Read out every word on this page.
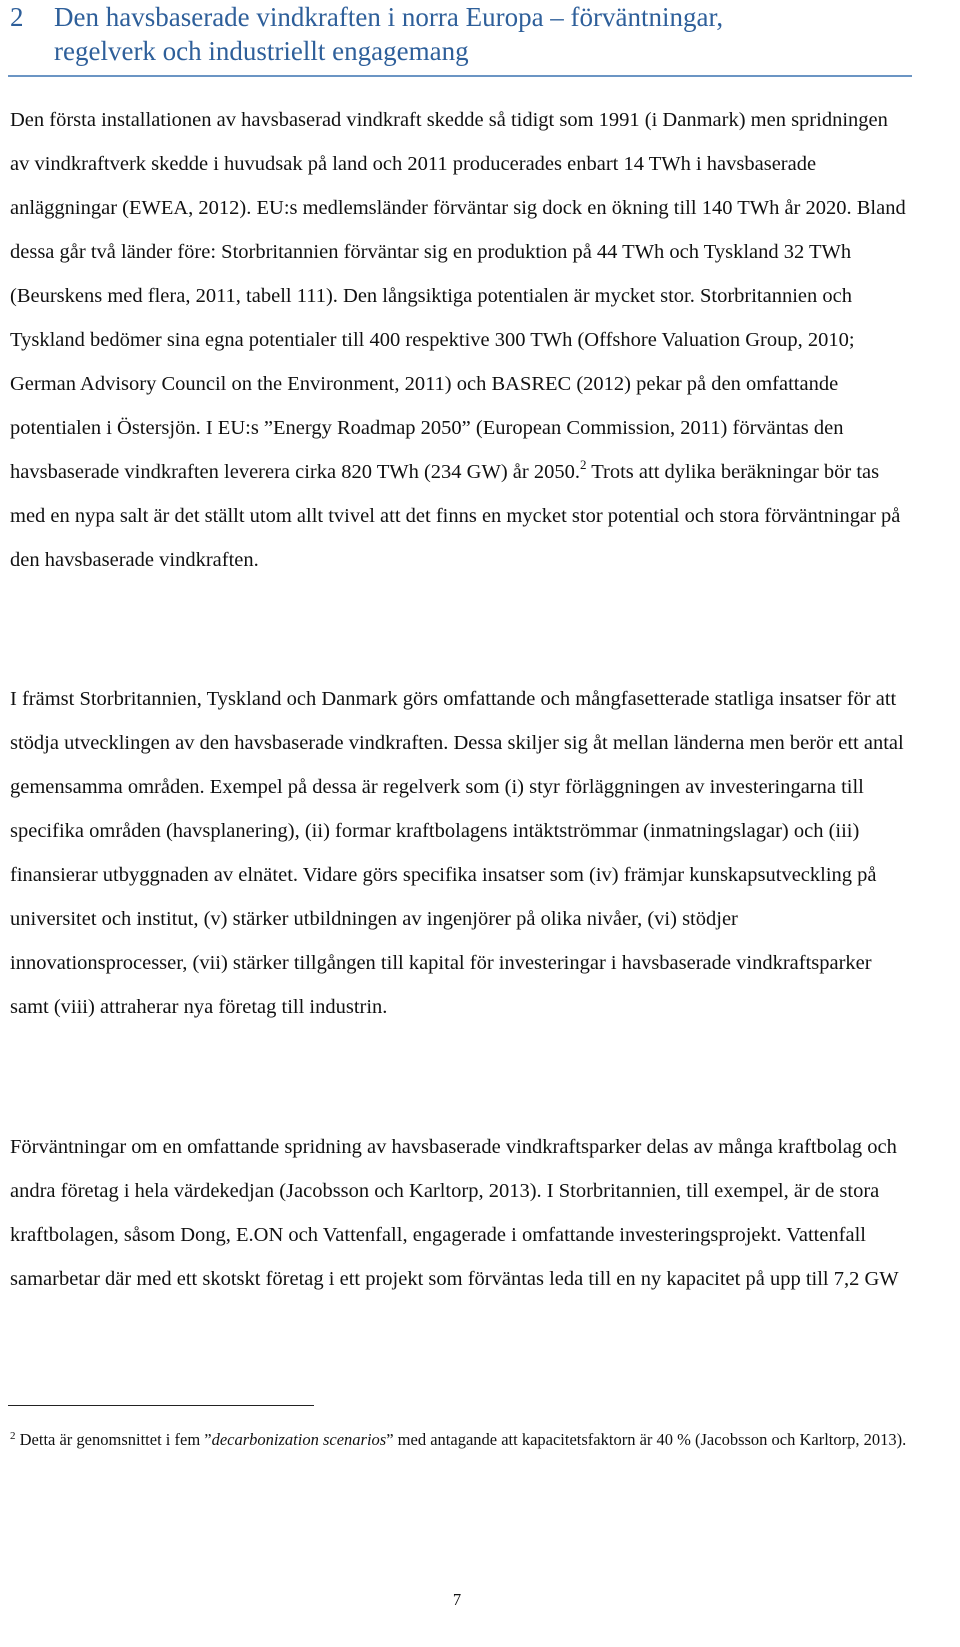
2 Den havsbaserade vindkraften i norra Europa – förväntningar,
regelverk och industriellt engagemang

Den första installationen av havsbaserad vindkraft skedde så tidigt som 1991 (i Danmark) men spridningen av vindkraftverk skedde i huvudsak på land och 2011 producerades enbart 14 TWh i havsbaserade anläggningar (EWEA, 2012). EU:s medlemsländer förväntar sig dock en ökning till 140 TWh år 2020. Bland dessa går två länder före: Storbritannien förväntar sig en produktion på 44 TWh och Tyskland 32 TWh (Beurskens med flera, 2011, tabell 111). Den långsiktiga potentialen är mycket stor. Storbritannien och Tyskland bedömer sina egna potentialer till 400 respektive 300 TWh (Offshore Valuation Group, 2010; German Advisory Council on the Environment, 2011) och BASREC (2012) pekar på den omfattande potentialen i Östersjön. I EU:s ”Energy Roadmap 2050” (European Commission, 2011) förväntas den havsbaserade vindkraften leverera cirka 820 TWh (234 GW) år 2050.$^2$ Trots att dylika beräkningar bör tas med en nypa salt är det ställt utom allt tvivel att det finns en mycket stor potential och stora förväntningar på den havsbaserade vindkraften.

I främst Storbritannien, Tyskland och Danmark görs omfattande och mångfasetterade statliga insatser för att stödja utvecklingen av den havsbaserade vindkraften. Dessa skiljer sig åt mellan länderna men berör ett antal gemensamma områden. Exempel på dessa är regelverk som (i) styr förläggningen av investeringarna till specifika områden (havsplanering), (ii) formar kraftbolagens intäktströmmar (inmatningslagar) och (iii) finansierar utbyggnaden av elnätet. Vidare görs specifika insatser som (iv) främjar kunskapsutveckling på universitet och institut, (v) stärker utbildningen av ingenjörer på olika nivåer, (vi) stödjer innovationsprocesser, (vii) stärker tillgången till kapital för investeringar i havsbaserade vindkraftsparker samt (viii) attraherar nya företag till industrin.

Förväntningar om en omfattande spridning av havsbaserade vindkraftsparker delas av många kraftbolag och andra företag i hela värdekedjan (Jacobsson och Karltorp, 2013). I Storbritannien, till exempel, är de stora kraftbolagen, såsom Dong, E.ON och Vattenfall, engagerade i omfattande investeringsprojekt. Vattenfall samarbetar där med ett skotskt företag i ett projekt som förväntas leda till en ny kapacitet på upp till 7,2 GW

$^2$ Detta är genomsnittet i fem ”decarbonization scenarios” med antagande att kapacitetsfaktorn är 40 % (Jacobsson och Karltorp, 2013).

7
